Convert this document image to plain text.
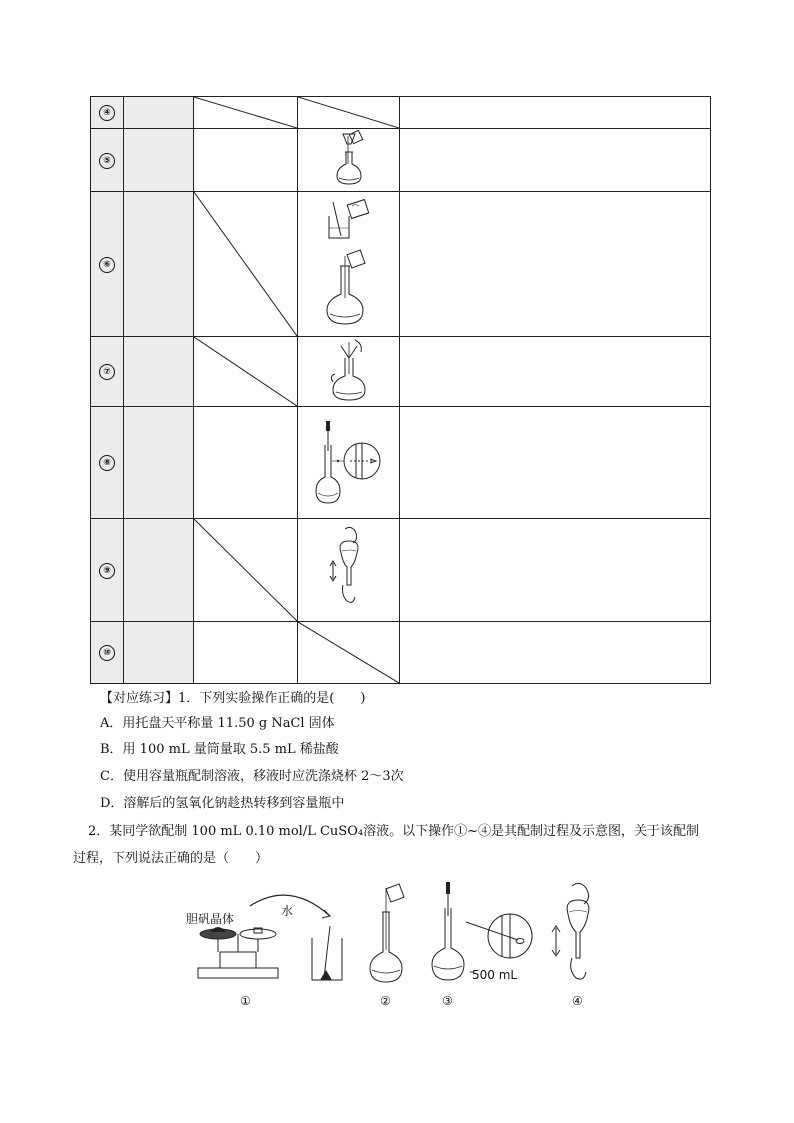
④		

⑤				
⑥		

⑦		

⑧				
⑨		

⑩			

【对应练习】1．下列实验操作正确的是(　　)
A．用托盘天平称量 11.50 g NaCl 固体
B．用 100 mL 量筒量取 5.5 mL 稀盐酸
C．使用容量瓶配制溶液，移液时应洗涤烧杯 2～3次
D．溶解后的氢氧化钠趁热转移到容量瓶中
2．某同学欲配制 100 mL 0.10 mol/L CuSO₄溶液。以下操作①~④是其配制过程及示意图，关于该配制
过程，下列说法正确的是（　　）
胆矾晶体
水
500 mL
①	②	③	④
